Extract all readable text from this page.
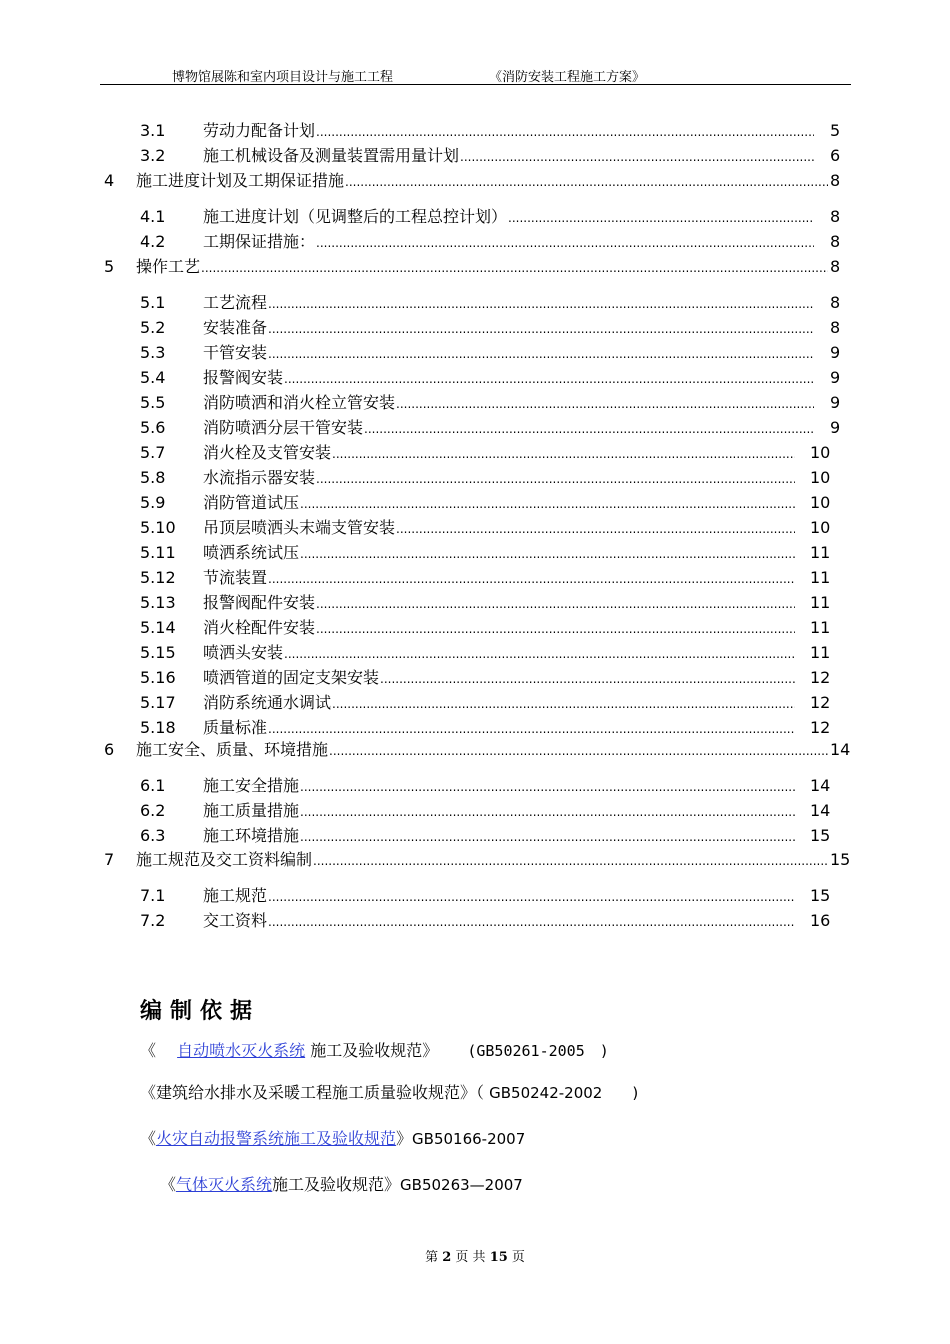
博物馆展陈和室内项目设计与施工工程	《消防安装工程施工方案》
3.1 劳动力配备计划 .....	5
3.2 施工机械设备及测量装置需用量计划 .....	6
4 施工进度计划及工期保证措施 .....	8
4.1 施工进度计划（见调整后的工程总控计划） .....	8
4.2 工期保证措施： .....	8
5 操作工艺 .....	8
5.1 工艺流程 .....	8
5.2 安装准备 .....	8
5.3 干管安装 .....	9
5.4 报警阀安装 .....	9
5.5 消防喷洒和消火栓立管安装 .....	9
5.6 消防喷洒分层干管安装 .....	9
5.7 消火栓及支管安装 .....	10
5.8 水流指示器安装 .....	10
5.9 消防管道试压 .....	10
5.10 吊顶层喷洒头末端支管安装 .....	10
5.11 喷洒系统试压 .....	11
5.12 节流装置 .....	11
5.13 报警阀配件安装 .....	11
5.14 消火栓配件安装 .....	11
5.15 喷洒头安装 .....	11
5.16 喷洒管道的固定支架安装 .....	12
5.17 消防系统通水调试 .....	12
5.18 质量标准 .....	12
6 施工安全、质量、环境措施 .....	14
6.1 施工安全措施 .....	14
6.2 施工质量措施 .....	14
6.3 施工环境措施 .....	15
7 施工规范及交工资料编制 .....	15
7.1 施工规范 .....	15
7.2 交工资料 .....	16
编制依据
《　 自动喷水灭火系统 施工及验收规范》　　 (GB50261-2005　)
《建筑给水排水及采暖工程施工质量验收规范》（ GB50242-2002　　)
《火灾自动报警系统施工及验收规范》GB50166-2007
《气体灭火系统施工及验收规范》GB50263—2007
第 2 页 共 15 页
